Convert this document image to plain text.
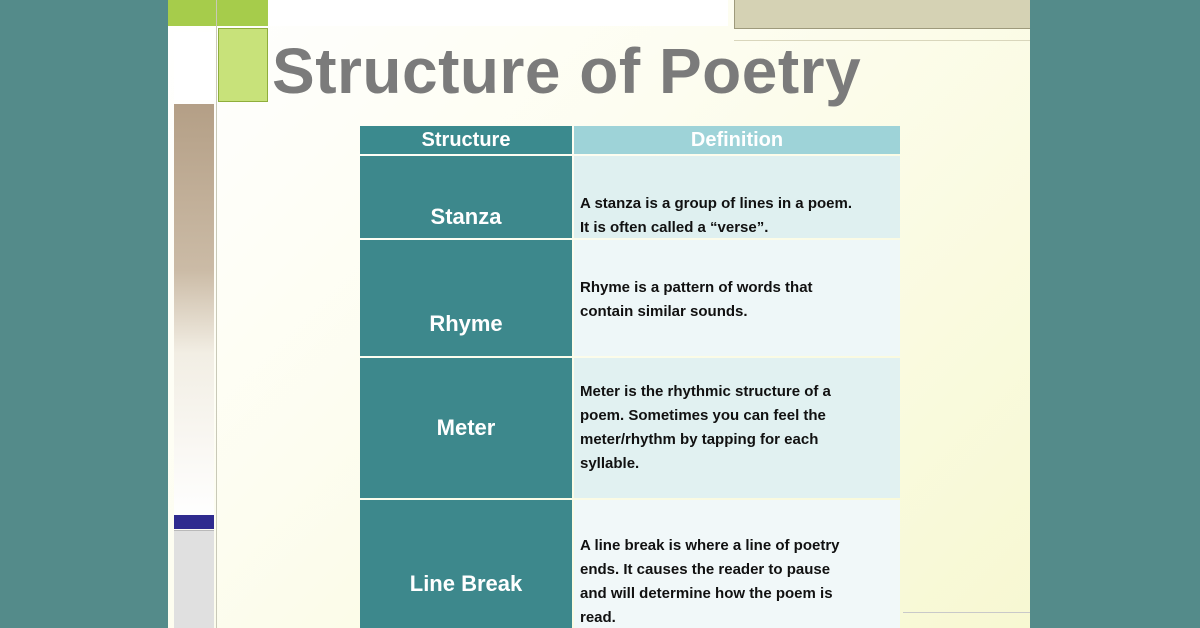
Structure of Poetry
Structure	Definition
Stanza
A stanza is a group of lines in a poem.
It is often called a “verse”.
Rhyme
Rhyme is a pattern of words that
contain similar sounds.
Meter
Meter is the rhythmic structure of a
poem. Sometimes you can feel the
meter/rhythm by tapping for each
syllable.
Line Break
A line break is where a line of poetry
ends. It causes the reader to pause
and will determine how the poem is
read.
